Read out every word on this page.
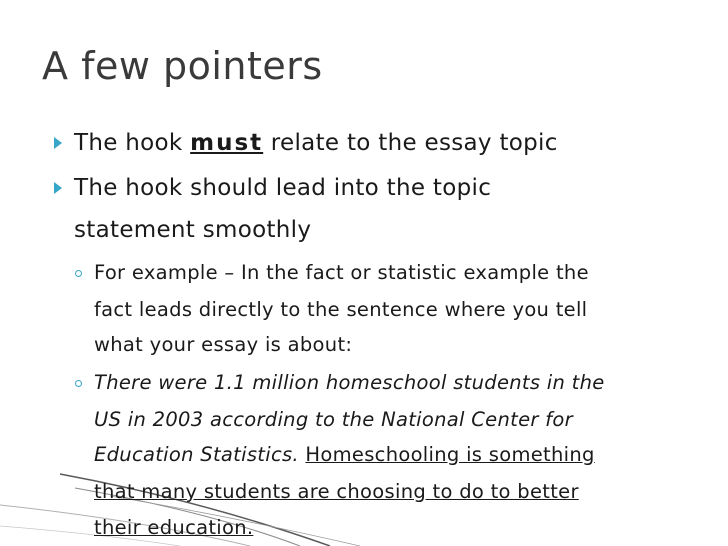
A few pointers
The hook must relate to the essay topic
The hook should lead into the topic
statement smoothly
For example – In the fact or statistic example the
fact leads directly to the sentence where you tell
what your essay is about:
There were 1.1 million homeschool students in the
US in 2003 according to the National Center for
Education Statistics. Homeschooling is something
that many students are choosing to do to better
their education.
